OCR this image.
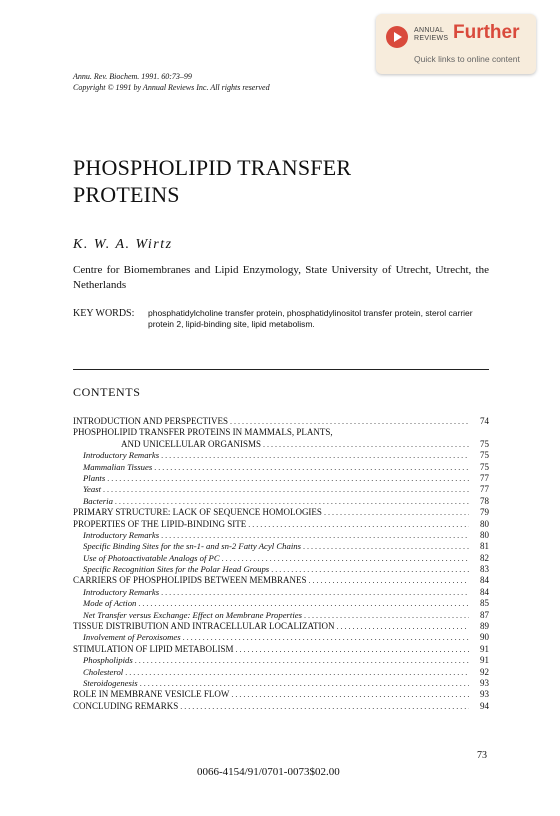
ANNUAL
REVIEWS Further
Quick links to online content
Annu. Rev. Biochem. 1991. 60:73–99
Copyright © 1991 by Annual Reviews Inc. All rights reserved
PHOSPHOLIPID TRANSFER
PROTEINS
K. W. A. Wirtz
Centre for Biomembranes and Lipid Enzymology, State University of Utrecht, Utrecht, the Netherlands
KEY WORDS: phosphatidylcholine transfer protein, phosphatidylinositol transfer protein, sterol carrier protein 2, lipid-binding site, lipid metabolism.
CONTENTS
INTRODUCTION AND PERSPECTIVES . . .	74
PHOSPHOLIPID TRANSFER PROTEINS IN MAMMALS, PLANTS,
AND UNICELLULAR ORGANISMS . . .	75
Introductory Remarks . . .	75
Mammalian Tissues . . .	75
Plants . . .	77
Yeast . . .	77
Bacteria . . .	78
PRIMARY STRUCTURE: LACK OF SEQUENCE HOMOLOGIES . . .	79
PROPERTIES OF THE LIPID-BINDING SITE . . .	80
Introductory Remarks . . .	80
Specific Binding Sites for the sn-1- and sn-2 Fatty Acyl Chains . . .	81
Use of Photoactivatable Analogs of PC . . .	82
Specific Recognition Sites for the Polar Head Groups . . .	83
CARRIERS OF PHOSPHOLIPIDS BETWEEN MEMBRANES . . .	84
Introductory Remarks . . .	84
Mode of Action . . .	85
Net Transfer versus Exchange: Effect on Membrane Properties . . .	87
TISSUE DISTRIBUTION AND INTRACELLULAR LOCALIZATION . . .	89
Involvement of Peroxisomes . . .	90
STIMULATION OF LIPID METABOLISM . . .	91
Phospholipids . . .	91
Cholesterol . . .	92
Steroidogenesis . . .	93
ROLE IN MEMBRANE VESICLE FLOW . . .	93
CONCLUDING REMARKS . . .	94
73
0066-4154/91/0701-0073$02.00
